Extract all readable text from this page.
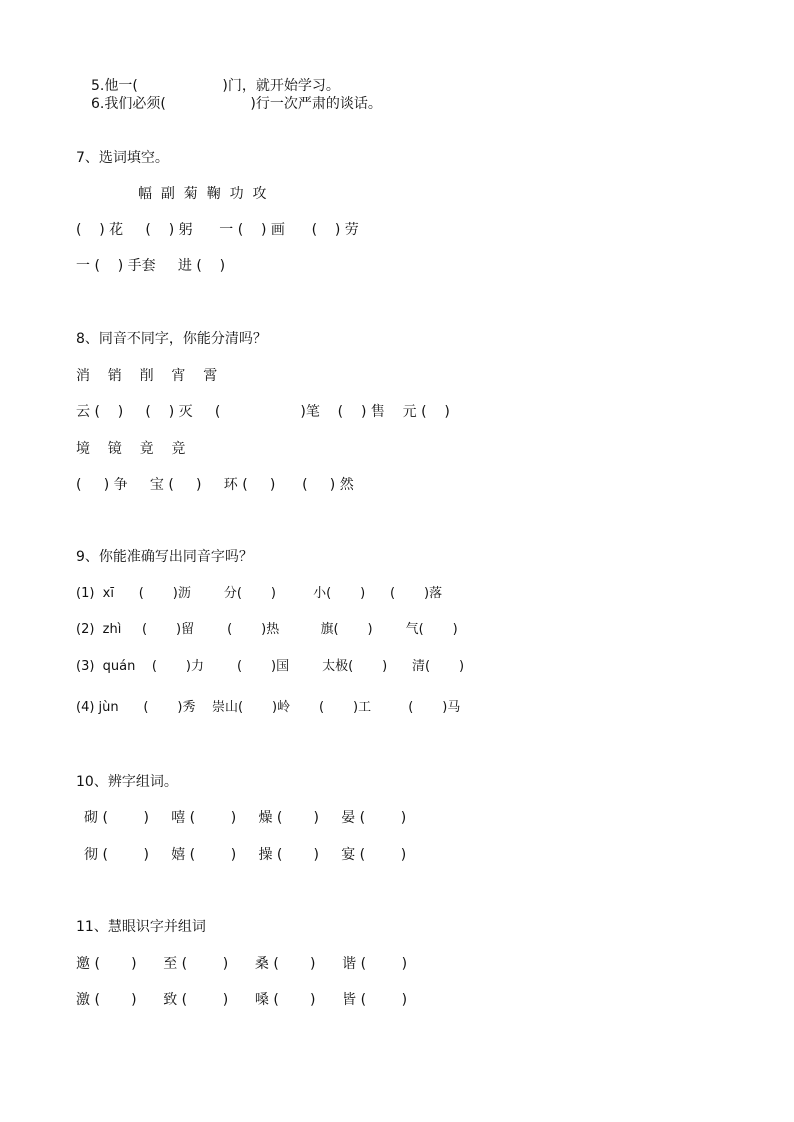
5.他一(                   )门，就开始学习。
6.我们必须(                   )行一次严肃的谈话。
7、选词填空。
幅  副  菊  鞠  功  攻
(    ) 花     (    ) 躬      一 (    ) 画      (    ) 劳
一 (    ) 手套     进 (    )
8、同音不同字，你能分清吗？
消    销    削    宵    霄
云 (    )     (    ) 灭     (                  )笔    (    ) 售    元 (    )
境    镜    竟    竞
(     ) 争     宝 (     )     环 (     )      (     ) 然
9、你能准确写出同音字吗？
(1)  xī      (       )沥        分(       )         小(       )      (       )落
(2)  zhì     (       )留        (       )热          旗(       )        气(       )
(3)  quán    (       )力        (       )国        太极(       )      清(       )
(4) jùn      (       )秀    崇山(       )岭       (       )工         (       )马
10、辨字组词。
砌 (        )     嘻 (        )     燥 (       )     晏 (        )
彻 (        )     嬉 (        )     操 (       )     宴 (        )
11、慧眼识字并组词
邀 (       )      至 (        )      桑 (       )      谐 (        )
激 (       )      致 (        )      嗓 (       )      皆 (        )
